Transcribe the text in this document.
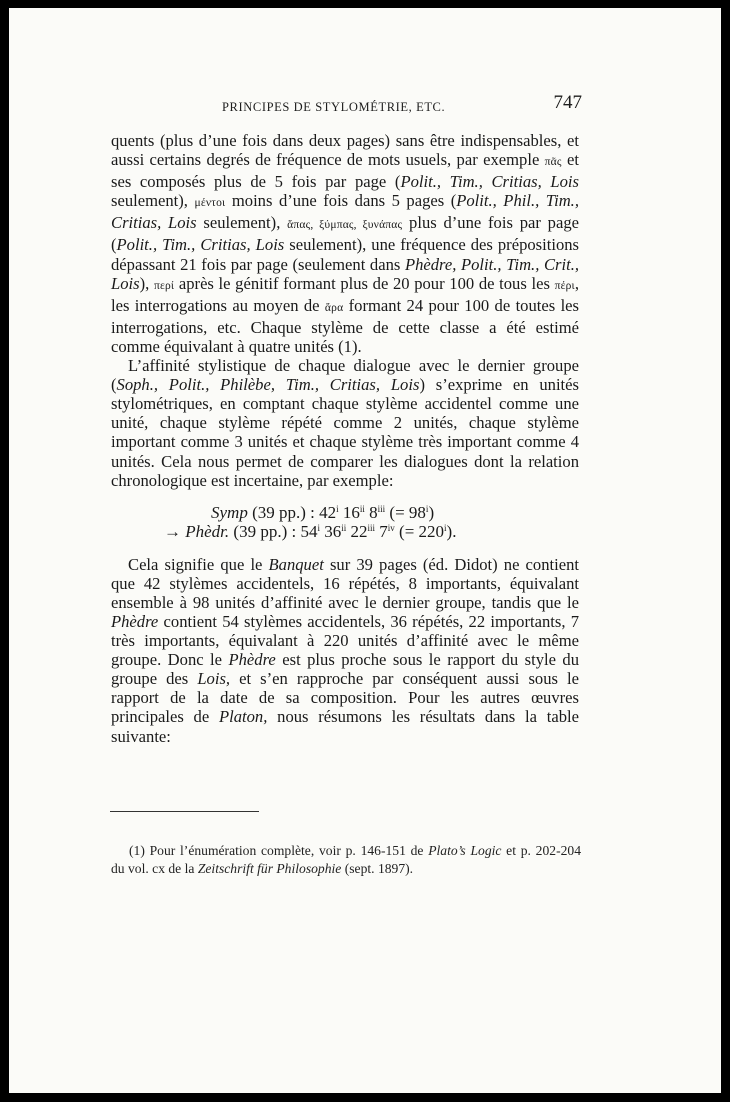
PRINCIPES DE STYLOMÉTRIE, ETC.	747

quents (plus d’une fois dans deux pages) sans être indispensables, et aussi certains degrés de fréquence de mots usuels, par exemple πᾶς et ses composés plus de 5 fois par page (Polit., Tim., Critias, Lois seulement), μέντοι moins d’une fois dans 5 pages (Polit., Phil., Tim., Critias, Lois seulement), ἅπας, ξύμπας, ξυνάπας plus d’une fois par page (Polit., Tim., Critias, Lois seulement), une fréquence des prépositions dépassant 21 fois par page (seulement dans Phèdre, Polit., Tim., Crit., Lois), περί après le génitif formant plus de 20 pour 100 de tous les πέρι, les interrogations au moyen de ἄρα formant 24 pour 100 de toutes les interrogations, etc. Chaque stylème de cette classe a été estimé comme équivalant à quatre unités (1).

L’affinité stylistique de chaque dialogue avec le dernier groupe (Soph., Polit., Philèbe, Tim., Critias, Lois) s’exprime en unités stylométriques, en comptant chaque stylème accidentel comme une unité, chaque stylème répété comme 2 unités, chaque stylème important comme 3 unités et chaque stylème très important comme 4 unités. Cela nous permet de comparer les dialogues dont la relation chronologique est incertaine, par exemple:

Symp (39 pp.) : 42$^i$ 16$^{ii}$ 8$^{iii}$ (= $98^i$)
→ Phèdr. (39 pp.) : 54$^i$ 36$^{ii}$ 22$^{iii}$ 7$^{iv}$ (= $220^i$).

Cela signifie que le Banquet sur 39 pages (éd. Didot) ne contient que 42 stylèmes accidentels, 16 répétés, 8 importants, équivalant ensemble à 98 unités d’affinité avec le dernier groupe, tandis que le Phèdre contient 54 stylèmes accidentels, 36 répétés, 22 importants, 7 très importants, équivalant à 220 unités d’affinité avec le même groupe. Donc le Phèdre est plus proche sous le rapport du style du groupe des Lois, et s’en rapproche par conséquent aussi sous le rapport de la date de sa composition. Pour les autres œuvres principales de Platon, nous résumons les résultats dans la table suivante:

(1) Pour l’énumération complète, voir p. 146-151 de Plato’s Logic et p. 202-204 du vol. cx de la Zeitschrift für Philosophie (sept. 1897).
